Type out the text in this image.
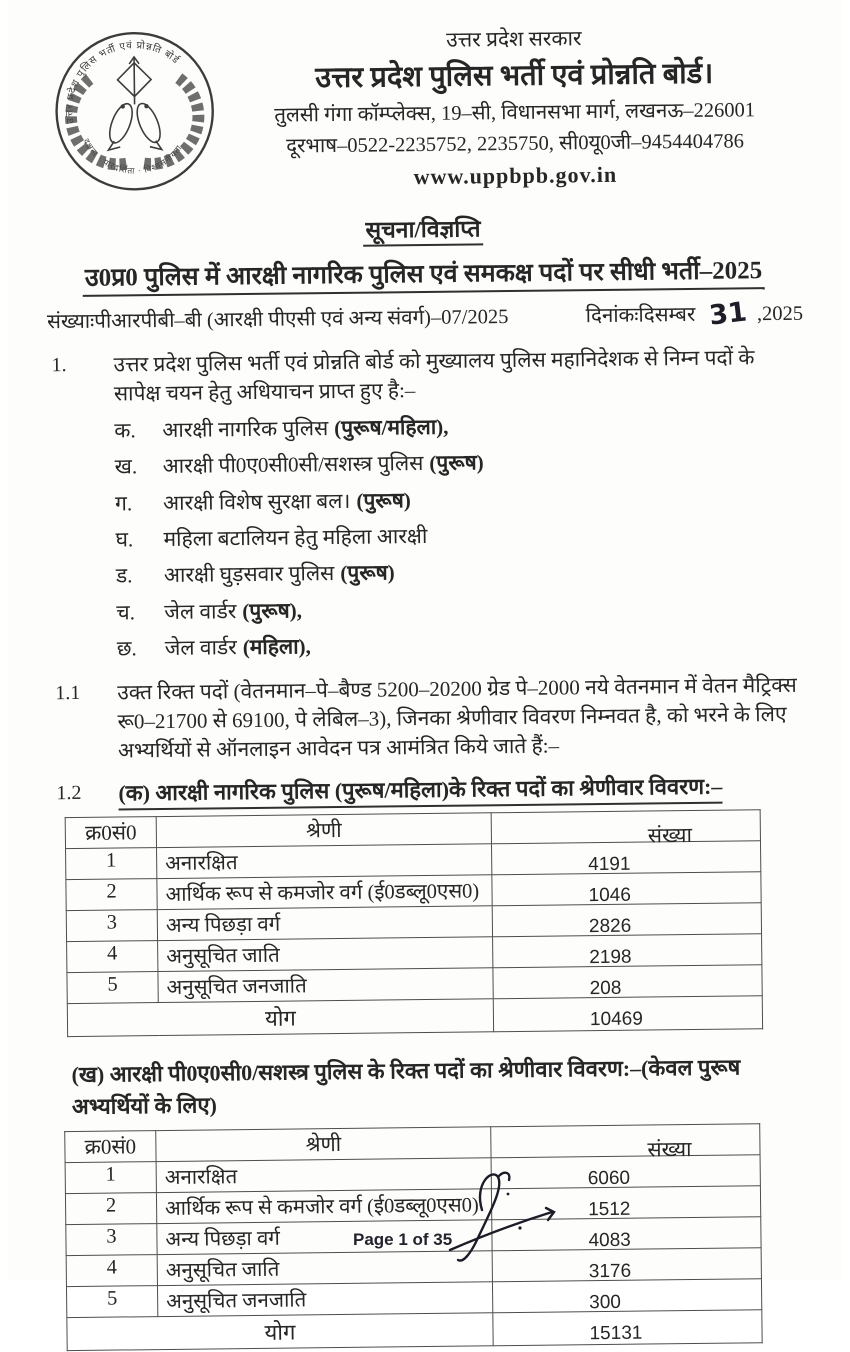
उत्तर प्रदेश पुलिस भर्ती एवं प्रोन्नति बोर्ड
दक्षता · पारदर्शिता · विश्वसनीयता
उत्तर प्रदेश सरकार
उत्तर प्रदेश पुलिस भर्ती एवं प्रोन्नति बोर्ड।
तुलसी गंगा कॉम्प्लेक्स, 19–सी, विधानसभा मार्ग, लखनऊ–226001
दूरभाष–0522-2235752, 2235750, सी0यू0जी–9454404786
www.uppbpb.gov.in
सूचना/विज्ञप्ति
उ0प्र0 पुलिस में आरक्षी नागरिक पुलिस एवं समकक्ष पदों पर सीधी भर्ती–2025
संख्याःपीआरपीबी–बी (आरक्षी पीएसी एवं अन्य संवर्ग)–07/2025	दिनांकःदिसम्बर 31 ,2025
1.	उत्तर प्रदेश पुलिस भर्ती एवं प्रोन्नति बोर्ड को मुख्यालय पुलिस महानिदेशक से निम्न पदों के सापेक्ष चयन हेतु अधियाचन प्राप्त हुए है:–
क.	आरक्षी नागरिक पुलिस (पुरूष/महिला),
ख.	आरक्षी पी0ए0सी0सी/सशस्त्र पुलिस (पुरूष)
ग.	आरक्षी विशेष सुरक्षा बल। (पुरूष)
घ.	महिला बटालियन हेतु महिला आरक्षी
ड.	आरक्षी घुड़सवार पुलिस (पुरूष)
च.	जेल वार्डर (पुरूष),
छ.	जेल वार्डर (महिला),
1.1	उक्त रिक्त पदों (वेतनमान–पे–बैण्ड 5200–20200 ग्रेड पे–2000 नये वेतनमान में वेतन मैट्रिक्स रू0–21700 से 69100, पे लेबिल–3), जिनका श्रेणीवार विवरण निम्नवत है, को भरने के लिए अभ्यर्थियों से ऑनलाइन आवेदन पत्र आमंत्रित किये जाते हैं:–
1.2	(क) आरक्षी नागरिक पुलिस (पुरूष/महिला)के रिक्त पदों का श्रेणीवार विवरण:–
क्र0सं0	श्रेणी	संख्या
1	अनारक्षित	4191
2	आर्थिक रूप से कमजोर वर्ग (ई0डब्लू0एस0)	1046
3	अन्य पिछड़ा वर्ग	2826
4	अनुसूचित जाति	2198
5	अनुसूचित जनजाति	208
योग		10469
(ख) आरक्षी पी0ए0सी0/सशस्त्र पुलिस के रिक्त पदों का श्रेणीवार विवरण:–(केवल पुरूष अभ्यर्थियों के लिए)
क्र0सं0	श्रेणी	संख्या
1	अनारक्षित	6060
2	आर्थिक रूप से कमजोर वर्ग (ई0डब्लू0एस0)	1512
3	अन्य पिछड़ा वर्ग	4083
4	अनुसूचित जाति	3176
5	अनुसूचित जनजाति	300
योग		15131
Page 1 of 35
